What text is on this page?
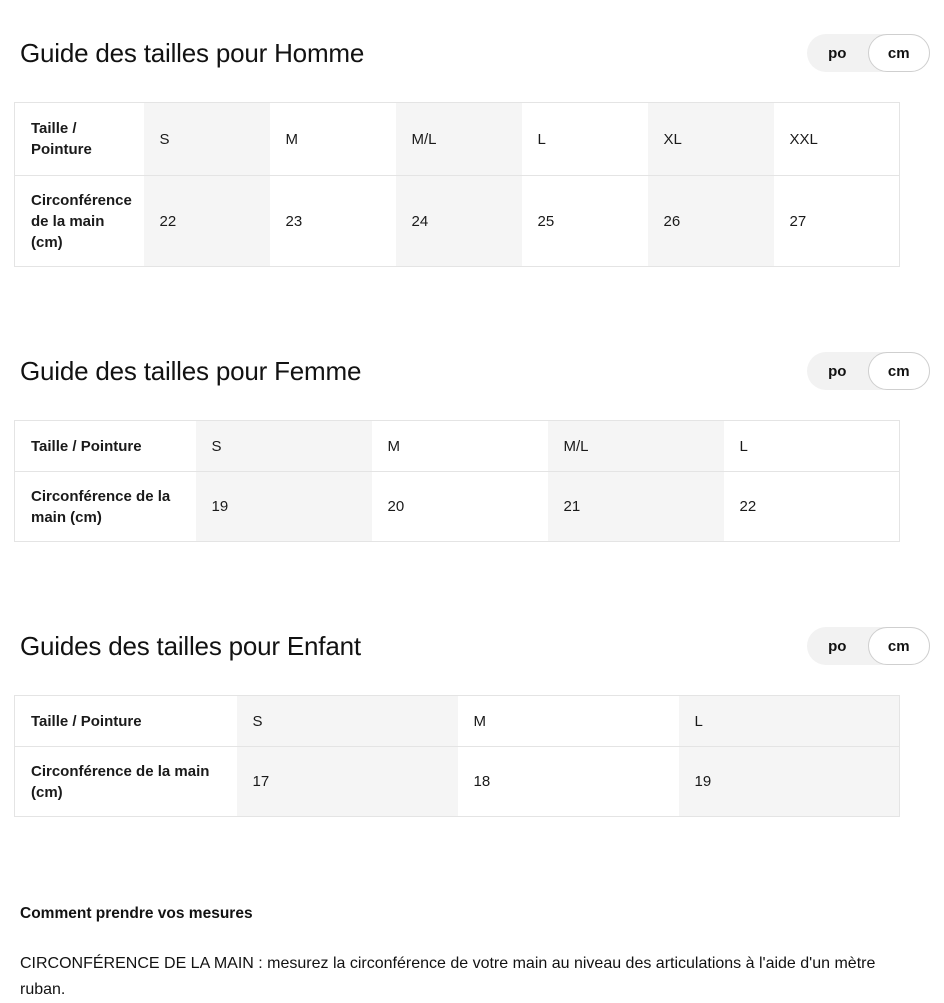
Guide des tailles pour Homme	po	cm
Taille / Pointure	S	M	M/L	L	XL	XXL
Circonférence de la main (cm)	22	23	24	25	26	27
Guide des tailles pour Femme	po	cm
Taille / Pointure	S	M	M/L	L
Circonférence de la main (cm)	19	20	21	22
Guides des tailles pour Enfant	po	cm
Taille / Pointure	S	M	L
Circonférence de la main (cm)	17	18	19
Comment prendre vos mesures

CIRCONFÉRENCE DE LA MAIN : mesurez la circonférence de votre main au niveau des articulations à l'aide d'un mètre ruban.
